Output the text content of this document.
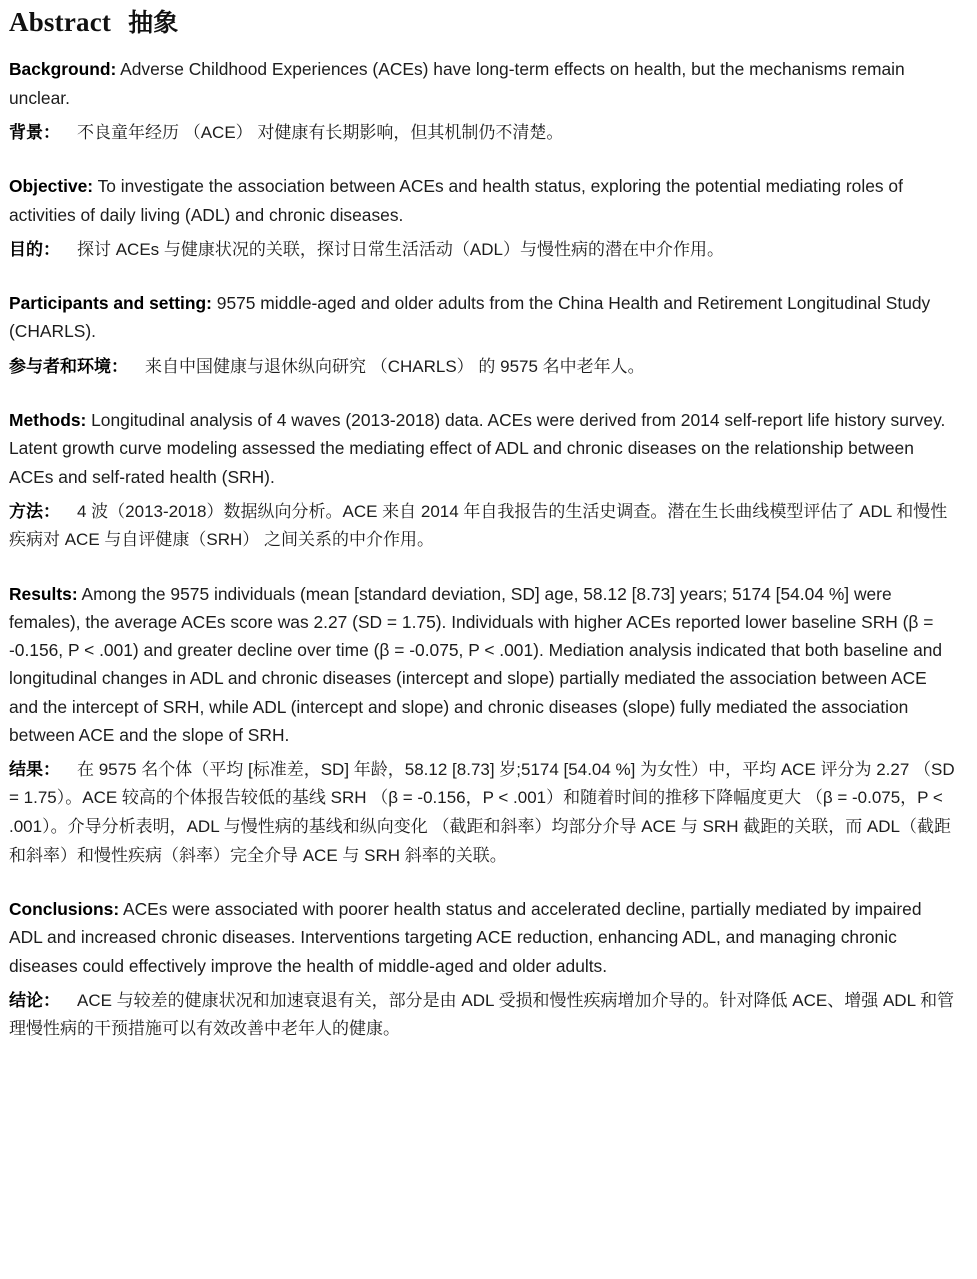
Abstract 抽象

Background: Adverse Childhood Experiences (ACEs) have long-term effects on health, but the mechanisms remain unclear.

背景： 不良童年经历 （ACE） 对健康有长期影响，但其机制仍不清楚。

Objective: To investigate the association between ACEs and health status, exploring the potential mediating roles of activities of daily living (ADL) and chronic diseases.

目的： 探讨 ACEs 与健康状况的关联，探讨日常生活活动（ADL）与慢性病的潜在中介作用。

Participants and setting: 9575 middle-aged and older adults from the China Health and Retirement Longitudinal Study (CHARLS).

参与者和环境： 来自中国健康与退休纵向研究 （CHARLS） 的 9575 名中老年人。

Methods: Longitudinal analysis of 4 waves (2013-2018) data. ACEs were derived from 2014 self-report life history survey. Latent growth curve modeling assessed the mediating effect of ADL and chronic diseases on the relationship between ACEs and self-rated health (SRH).

方法： 4 波（2013-2018）数据纵向分析。ACE 来自 2014 年自我报告的生活史调查。潜在生长曲线模型评估了 ADL 和慢性疾病对 ACE 与自评健康（SRH） 之间关系的中介作用。

Results: Among the 9575 individuals (mean [standard deviation, SD] age, 58.12 [8.73] years; 5174 [54.04 %] were females), the average ACEs score was 2.27 (SD = 1.75). Individuals with higher ACEs reported lower baseline SRH (β = -0.156, P < .001) and greater decline over time (β = -0.075, P < .001). Mediation analysis indicated that both baseline and longitudinal changes in ADL and chronic diseases (intercept and slope) partially mediated the association between ACE and the intercept of SRH, while ADL (intercept and slope) and chronic diseases (slope) fully mediated the association between ACE and the slope of SRH.

结果： 在 9575 名个体（平均 [标准差，SD] 年龄，58.12 [8.73] 岁;5174 [54.04 %] 为女性）中，平均 ACE 评分为 2.27 （SD = 1.75）。ACE 较高的个体报告较低的基线 SRH （β = -0.156，P < .001）和随着时间的推移下降幅度更大 （β = -0.075，P < .001）。介导分析表明，ADL 与慢性病的基线和纵向变化 （截距和斜率）均部分介导 ACE 与 SRH 截距的关联，而 ADL（截距和斜率）和慢性疾病（斜率）完全介导 ACE 与 SRH 斜率的关联。

Conclusions: ACEs were associated with poorer health status and accelerated decline, partially mediated by impaired ADL and increased chronic diseases. Interventions targeting ACE reduction, enhancing ADL, and managing chronic diseases could effectively improve the health of middle-aged and older adults.

结论： ACE 与较差的健康状况和加速衰退有关，部分是由 ADL 受损和慢性疾病增加介导的。针对降低 ACE、增强 ADL 和管理慢性病的干预措施可以有效改善中老年人的健康。
